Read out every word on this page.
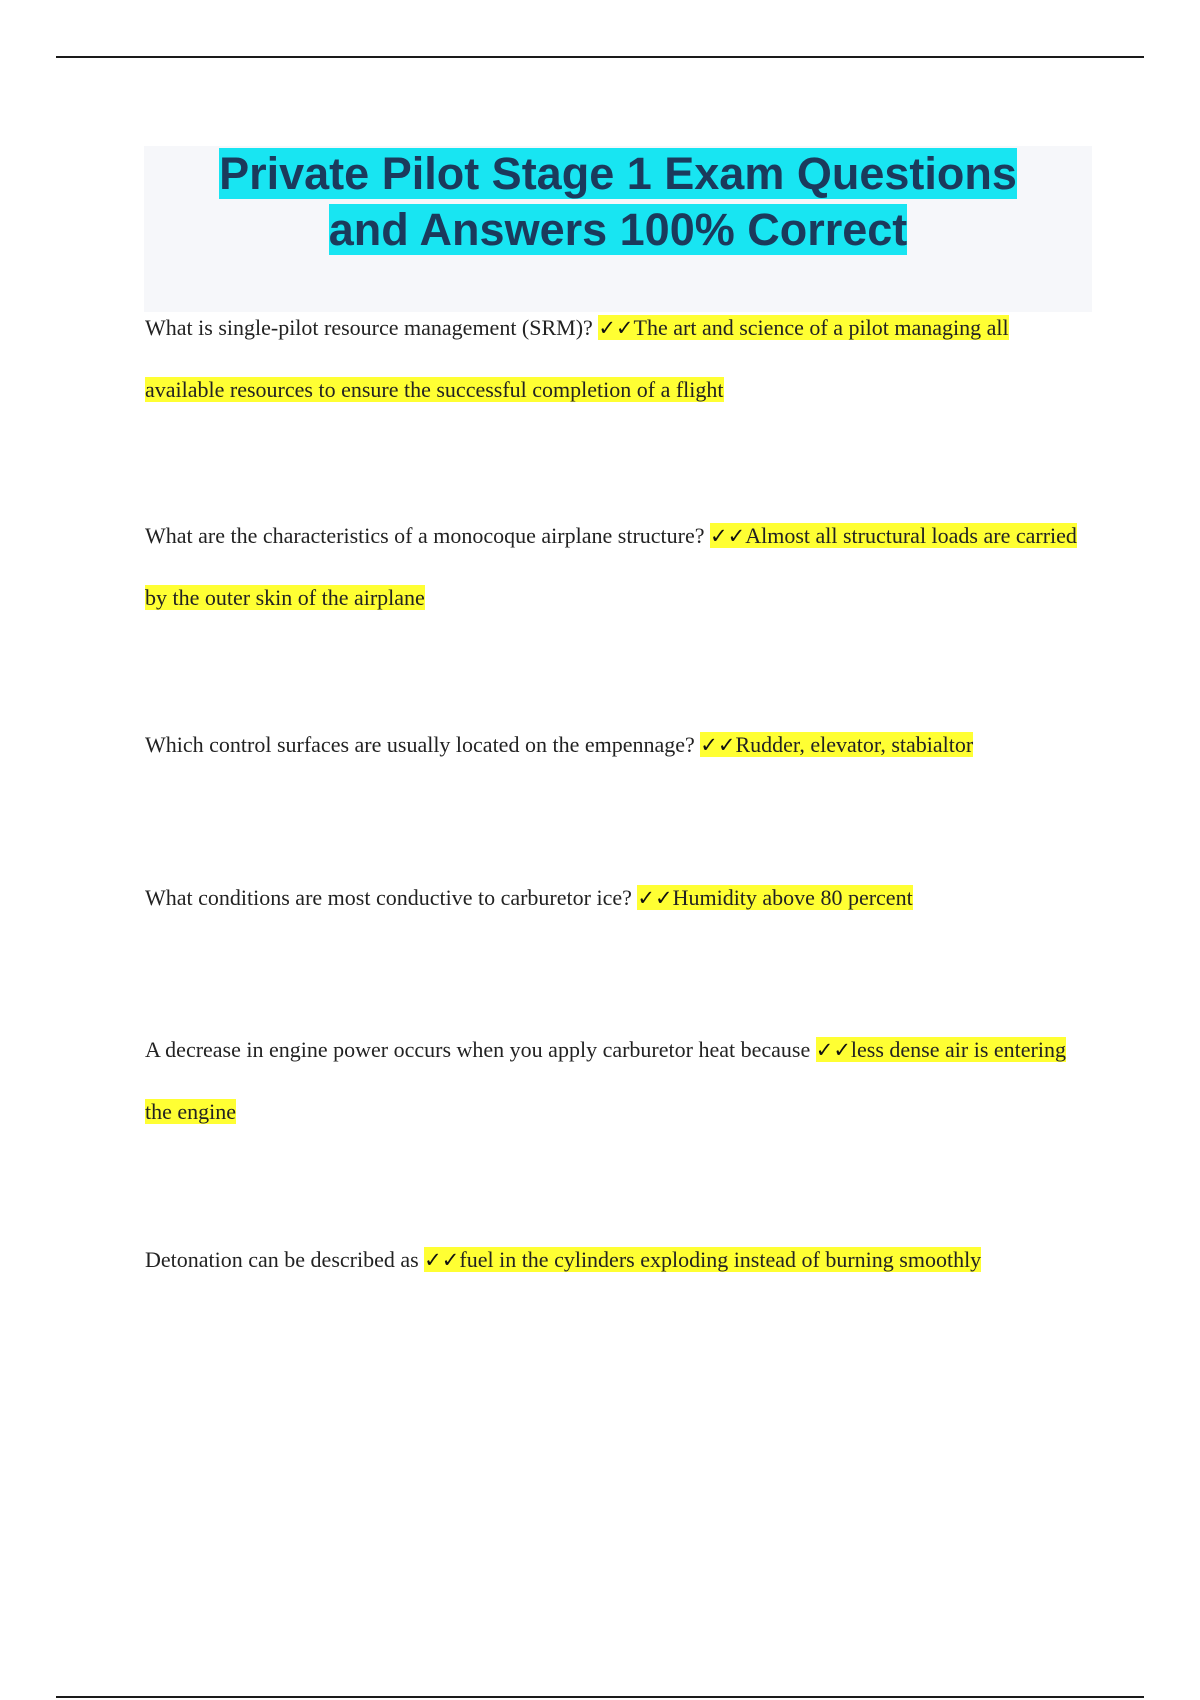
Private Pilot Stage 1 Exam Questions and Answers 100% Correct
What is single-pilot resource management (SRM)? ✓✓The art and science of a pilot managing all available resources to ensure the successful completion of a flight
What are the characteristics of a monocoque airplane structure? ✓✓Almost all structural loads are carried by the outer skin of the airplane
Which control surfaces are usually located on the empennage? ✓✓Rudder, elevator, stabialtor
What conditions are most conductive to carburetor ice? ✓✓Humidity above 80 percent
A decrease in engine power occurs when you apply carburetor heat because ✓✓less dense air is entering the engine
Detonation can be described as ✓✓fuel in the cylinders exploding instead of burning smoothly
